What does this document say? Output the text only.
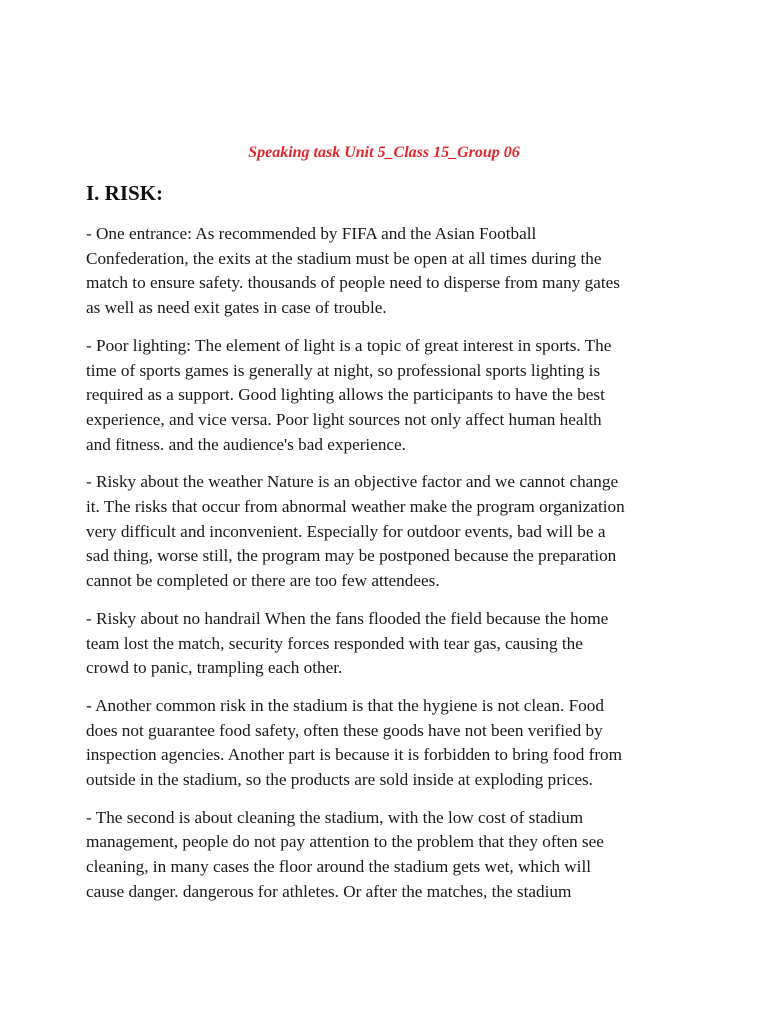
Speaking task Unit 5_Class 15_Group 06

I. RISK:

- One entrance: As recommended by FIFA and the Asian Football
Confederation, the exits at the stadium must be open at all times during the
match to ensure safety. thousands of people need to disperse from many gates
as well as need exit gates in case of trouble.

- Poor lighting: The element of light is a topic of great interest in sports. The
time of sports games is generally at night, so professional sports lighting is
required as a support. Good lighting allows the participants to have the best
experience, and vice versa. Poor light sources not only affect human health
and fitness. and the audience's bad experience.

- Risky about the weather Nature is an objective factor and we cannot change
it. The risks that occur from abnormal weather make the program organization
very difficult and inconvenient. Especially for outdoor events, bad will be a
sad thing, worse still, the program may be postponed because the preparation
cannot be completed or there are too few attendees.

- Risky about no handrail When the fans flooded the field because the home
team lost the match, security forces responded with tear gas, causing the
crowd to panic, trampling each other.

- Another common risk in the stadium is that the hygiene is not clean. Food
does not guarantee food safety, often these goods have not been verified by
inspection agencies. Another part is because it is forbidden to bring food from
outside in the stadium, so the products are sold inside at exploding prices.

- The second is about cleaning the stadium, with the low cost of stadium
management, people do not pay attention to the problem that they often see
cleaning, in many cases the floor around the stadium gets wet, which will
cause danger. dangerous for athletes. Or after the matches, the stadium
